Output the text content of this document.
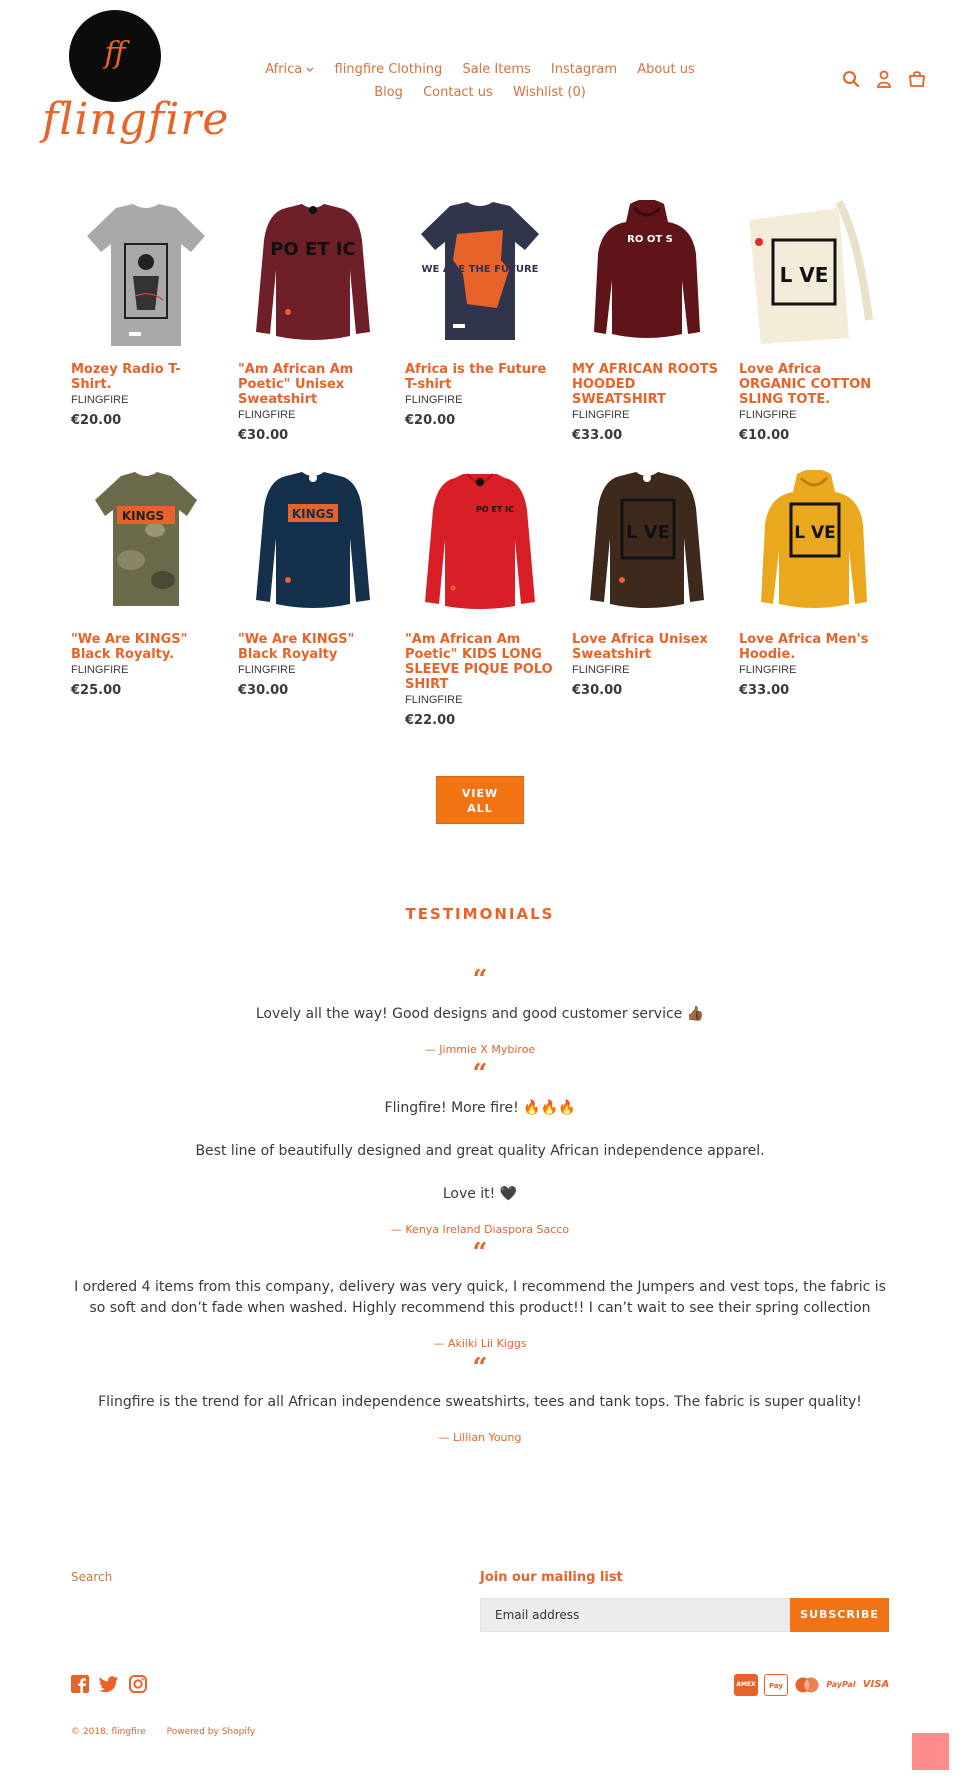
ff
flingfire
Africa flingfire Clothing Sale Items Instagram About us
Blog Contact us Wishlist (0)
Mozey Radio T-Shirt.
FLINGFIRE
€20.00
PO ET IC
"Am African Am Poetic" Unisex Sweatshirt
FLINGFIRE
€30.00
WE ARE THE FUTURE
Africa is the Future T-shirt
FLINGFIRE
€20.00
RO OT S
MY AFRICAN ROOTS HOODED SWEATSHIRT
FLINGFIRE
€33.00
L VE
Love Africa ORGANIC COTTON SLING TOTE.
FLINGFIRE
€10.00
KINGS
"We Are KINGS" Black Royalty.
FLINGFIRE
€25.00
KINGS
"We Are KINGS" Black Royalty
FLINGFIRE
€30.00
PO ET IC
"Am African Am Poetic" KIDS LONG SLEEVE PIQUE POLO SHIRT
FLINGFIRE
€22.00
L VE
Love Africa Unisex Sweatshirt
FLINGFIRE
€30.00
L VE
Love Africa Men's Hoodie.
FLINGFIRE
€33.00
VIEW ALL
TESTIMONIALS
“

Lovely all the way! Good designs and good customer service 👍🏾

— Jimmie X Mybiroe
“

Flingfire! More fire! 🔥🔥🔥

Best line of beautifully designed and great quality African independence apparel.

Love it! 🖤

— Kenya Ireland Diaspora Sacco
“

I ordered 4 items from this company, delivery was very quick, I recommend the Jumpers and vest tops, the fabric is so soft and don’t fade when washed. Highly recommend this product!! I can’t wait to see their spring collection

— Akiiki Lii Kiggs
“

Flingfire is the trend for all African independence sweatshirts, tees and tank tops. The fabric is super quality!

— Lillian Young
Search	Join our mailing list
Email address	SUBSCRIBE
AMEX	Pay	PayPal VISA
© 2018, flingfire Powered by Shopify
